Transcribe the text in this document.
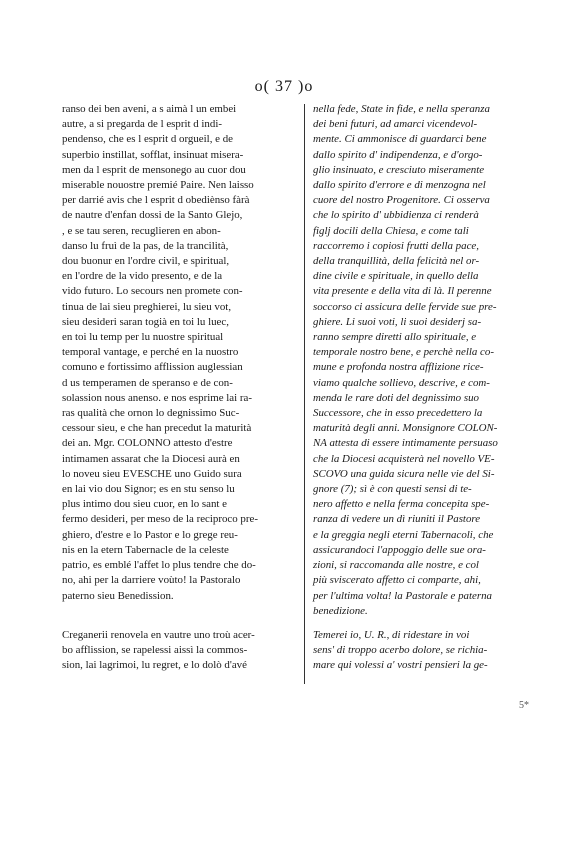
o( 37 )o
ranso dei ben aveni, a s aimà l un embei
autre, a si pregarda de l esprit d indi-
pendenso, che es l esprit d orgueil, e de
superbio instillat, sofflat, insinuat misera-
men da l esprit de mensonego au cuor dou
miserable nouostre premié Paire. Nen laisso
per darrié avis che l esprit d obediènso fàrà
de nautre d'enfan dossi de la Santo Glejo,
, e se tau seren, recuglieren en abon-
danso lu fruì de la pas, de la trancilità,
dou buonur en l'ordre civil, e spiritual,
en l'ordre de la vido presento, e de la
vido futuro. Lo secours nen promete con-
tinua de lai sieu preghierei, lu sieu vot,
sieu desideri saran togià en toi lu luec,
en toi lu temp per lu nuostre spiritual
temporal vantage, e perché en la nuostro
comuno e fortissimo afflission auglessian
d us temperamen de speranso e de con-
solassion nous anenso. e nos esprime lai ra-
ras qualità che ornon lo degnissimo Suc-
cessour sieu, e che han precedut la maturità
dei an. Mgr. COLONNO attesto d'estre
intimamen assarat che la Diocesi aurà en
lo noveu sieu EVESCHE uno Guido sura
en lai vio dou Signor; es en stu senso lu
plus intimo dou sieu cuor, en lo sant e
fermo desideri, per meso de la reciproco pre-
ghiero, d'estre e lo Pastor e lo grege reu-
nis en la etern Tabernacle de la celeste
patrio, es emblé l'affet lo plus tendre che do-
no, ahi per la darriere voùto! la Pastoralo
paterno sieu Benedission.
nella fede, State in fide, e nella speranza
dei beni futuri, ad amarci vicendevol-
mente. Ci ammonisce di guardarci bene
dallo spirito d' indipendenza, e d'orgo-
glio insinuato, e cresciuto miseramente
dallo spirito d'errore e di menzogna nel
cuore del nostro Progenitore. Ci osserva
che lo spirito d' ubbidienza ci renderà
figlj docili della Chiesa, e come tali
raccorremo i copiosi frutti della pace,
della tranquillità, della felicità nel or-
dine civile e spirituale, in quello della
vita presente e della vita di là. Il perenne
soccorso ci assicura delle fervide sue pre-
ghiere. Li suoi voti, li suoi desiderj sa-
ranno sempre diretti allo spirituale, e
temporale nostro bene, e perchè nella co-
mune e profonda nostra afflizione rice-
viamo qualche sollievo, descrive, e com-
menda le rare doti del degnissimo suo
Successore, che in esso precedettero la
maturità degli anni. Monsignore COLON-
NA attesta di essere intimamente persuaso
che la Diocesi acquisterà nel novello VE-
SCOVO una guida sicura nelle vie del Si-
gnore (7); sì è con questi sensi di te-
nero affetto e nella ferma concepita spe-
ranza di vedere un dì riuniti il Pastore
e la greggia negli eterni Tabernacoli, che
assicurandoci l'appoggio delle sue ora-
zioni, si raccomanda alle nostre, e col
più sviscerato affetto ci comparte, ahi,
per l'ultima volta! la Pastorale e paterna
benedizione.
Creganerii renovela en vautre uno troù acer-
bo afflission, se rapelessi aissì la commos-
sion, lai lagrimoi, lu regret, e lo dolò d'avé
Temerei io, U. R., di ridestare in voi
sens' di troppo acerbo dolore, se richia-
mare qui volessi a' vostri pensieri la ge-
5*
